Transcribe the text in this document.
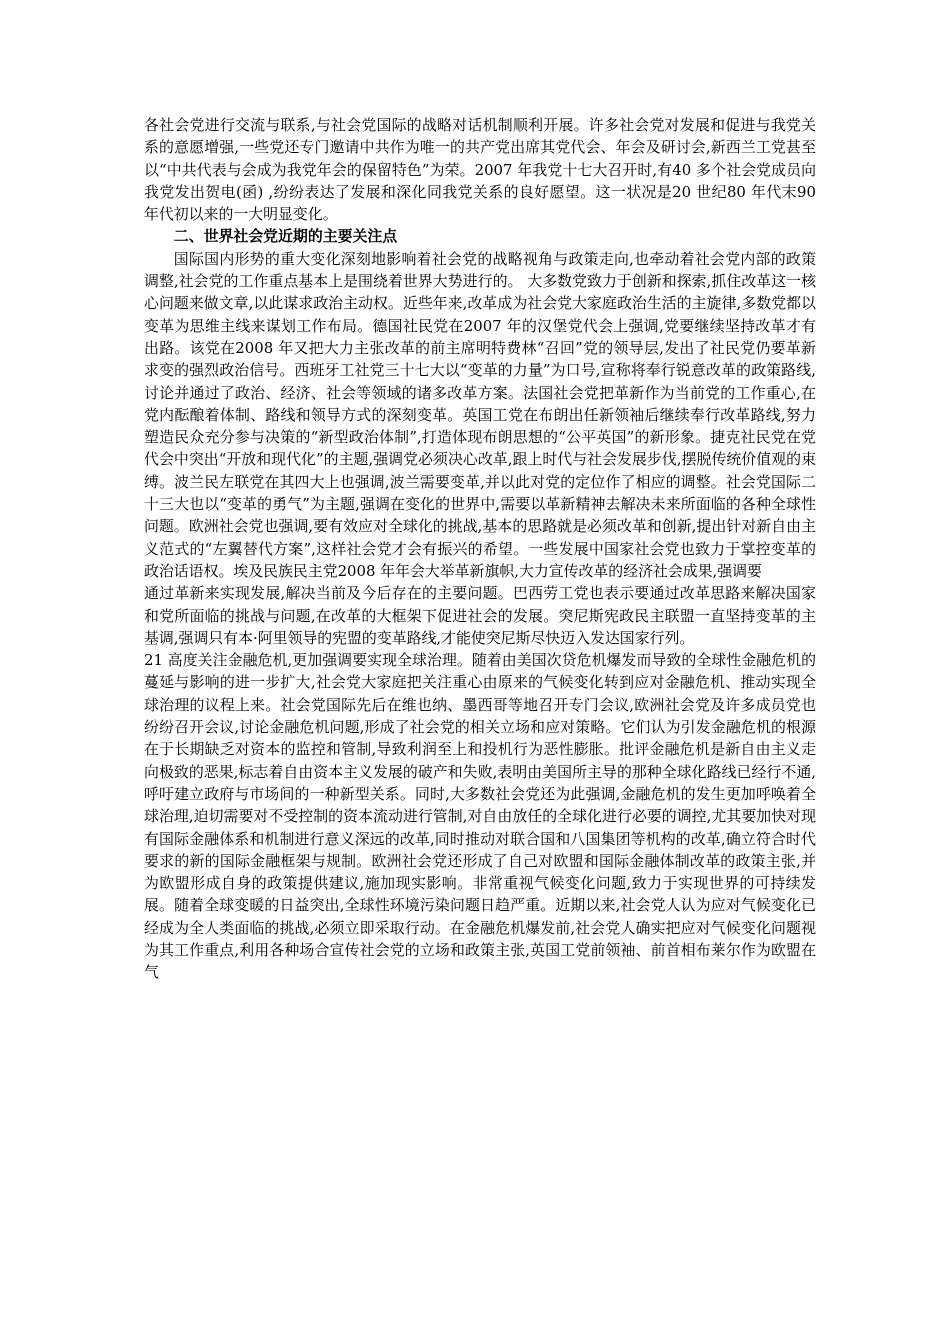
各社会党进行交流与联系,与社会党国际的战略对话机制顺利开展。许多社会党对发展和促进与我党关系的意愿增强,一些党还专门邀请中共作为唯一的共产党出席其党代会、年会及研讨会,新西兰工党甚至以“中共代表与会成为我党年会的保留特色”为荣。2007 年我党十七大召开时,有40 多个社会党成员向我党发出贺电(函) ,纷纷表达了发展和深化同我党关系的良好愿望。这一状况是20 世纪80 年代末90 年代初以来的一大明显变化。

二、世界社会党近期的主要关注点

国际国内形势的重大变化深刻地影响着社会党的战略视角与政策走向,也牵动着社会党内部的政策调整,社会党的工作重点基本上是围绕着世界大势进行的。 大多数党致力于创新和探索,抓住改革这一核心问题来做文章,以此谋求政治主动权。近些年来,改革成为社会党大家庭政治生活的主旋律,多数党都以变革为思维主线来谋划工作布局。德国社民党在2007 年的汉堡党代会上强调,党要继续坚持改革才有出路。该党在2008 年又把大力主张改革的前主席明特费林“召回”党的领导层,发出了社民党仍要革新求变的强烈政治信号。西班牙工社党三十七大以“变革的力量”为口号,宣称将奉行锐意改革的政策路线,讨论并通过了政治、经济、社会等领域的诸多改革方案。法国社会党把革新作为当前党的工作重心,在党内酝酿着体制、路线和领导方式的深刻变革。英国工党在布朗出任新领袖后继续奉行改革路线,努力塑造民众充分参与决策的“新型政治体制”,打造体现布朗思想的“公平英国”的新形象。捷克社民党在党代会中突出“开放和现代化”的主题,强调党必须决心改革,跟上时代与社会发展步伐,摆脱传统价值观的束缚。波兰民左联党在其四大上也强调,波兰需要变革,并以此对党的定位作了相应的调整。社会党国际二十三大也以“变革的勇气”为主题,强调在变化的世界中,需要以革新精神去解决未来所面临的各种全球性问题。欧洲社会党也强调,要有效应对全球化的挑战,基本的思路就是必须改革和创新,提出针对新自由主义范式的“左翼替代方案”,这样社会党才会有振兴的希望。一些发展中国家社会党也致力于掌控变革的政治话语权。埃及民族民主党2008 年年会大举革新旗帜,大力宣传改革的经济社会成果,强调要

通过革新来实现发展,解决当前及今后存在的主要问题。巴西劳工党也表示要通过改革思路来解决国家和党所面临的挑战与问题,在改革的大框架下促进社会的发展。突尼斯宪政民主联盟一直坚持变革的主基调,强调只有本·阿里领导的宪盟的变革路线,才能使突尼斯尽快迈入发达国家行列。

21 高度关注金融危机,更加强调要实现全球治理。随着由美国次贷危机爆发而导致的全球性金融危机的蔓延与影响的进一步扩大,社会党大家庭把关注重心由原来的气候变化转到应对金融危机、推动实现全球治理的议程上来。社会党国际先后在维也纳、墨西哥等地召开专门会议,欧洲社会党及许多成员党也纷纷召开会议,讨论金融危机问题,形成了社会党的相关立场和应对策略。它们认为引发金融危机的根源在于长期缺乏对资本的监控和管制,导致利润至上和投机行为恶性膨胀。批评金融危机是新自由主义走向极致的恶果,标志着自由资本主义发展的破产和失败,表明由美国所主导的那种全球化路线已经行不通,呼吁建立政府与市场间的一种新型关系。同时,大多数社会党还为此强调,金融危机的发生更加呼唤着全球治理,迫切需要对不受控制的资本流动进行管制,对自由放任的全球化进行必要的调控,尤其要加快对现有国际金融体系和机制进行意义深远的改革,同时推动对联合国和八国集团等机构的改革,确立符合时代要求的新的国际金融框架与规制。欧洲社会党还形成了自己对欧盟和国际金融体制改革的政策主张,并为欧盟形成自身的政策提供建议,施加现实影响。非常重视气候变化问题,致力于实现世界的可持续发展。随着全球变暖的日益突出,全球性环境污染问题日趋严重。近期以来,社会党人认为应对气候变化已经成为全人类面临的挑战,必须立即采取行动。在金融危机爆发前,社会党人确实把应对气候变化问题视为其工作重点,利用各种场合宣传社会党的立场和政策主张,英国工党前领袖、前首相布莱尔作为欧盟在气
